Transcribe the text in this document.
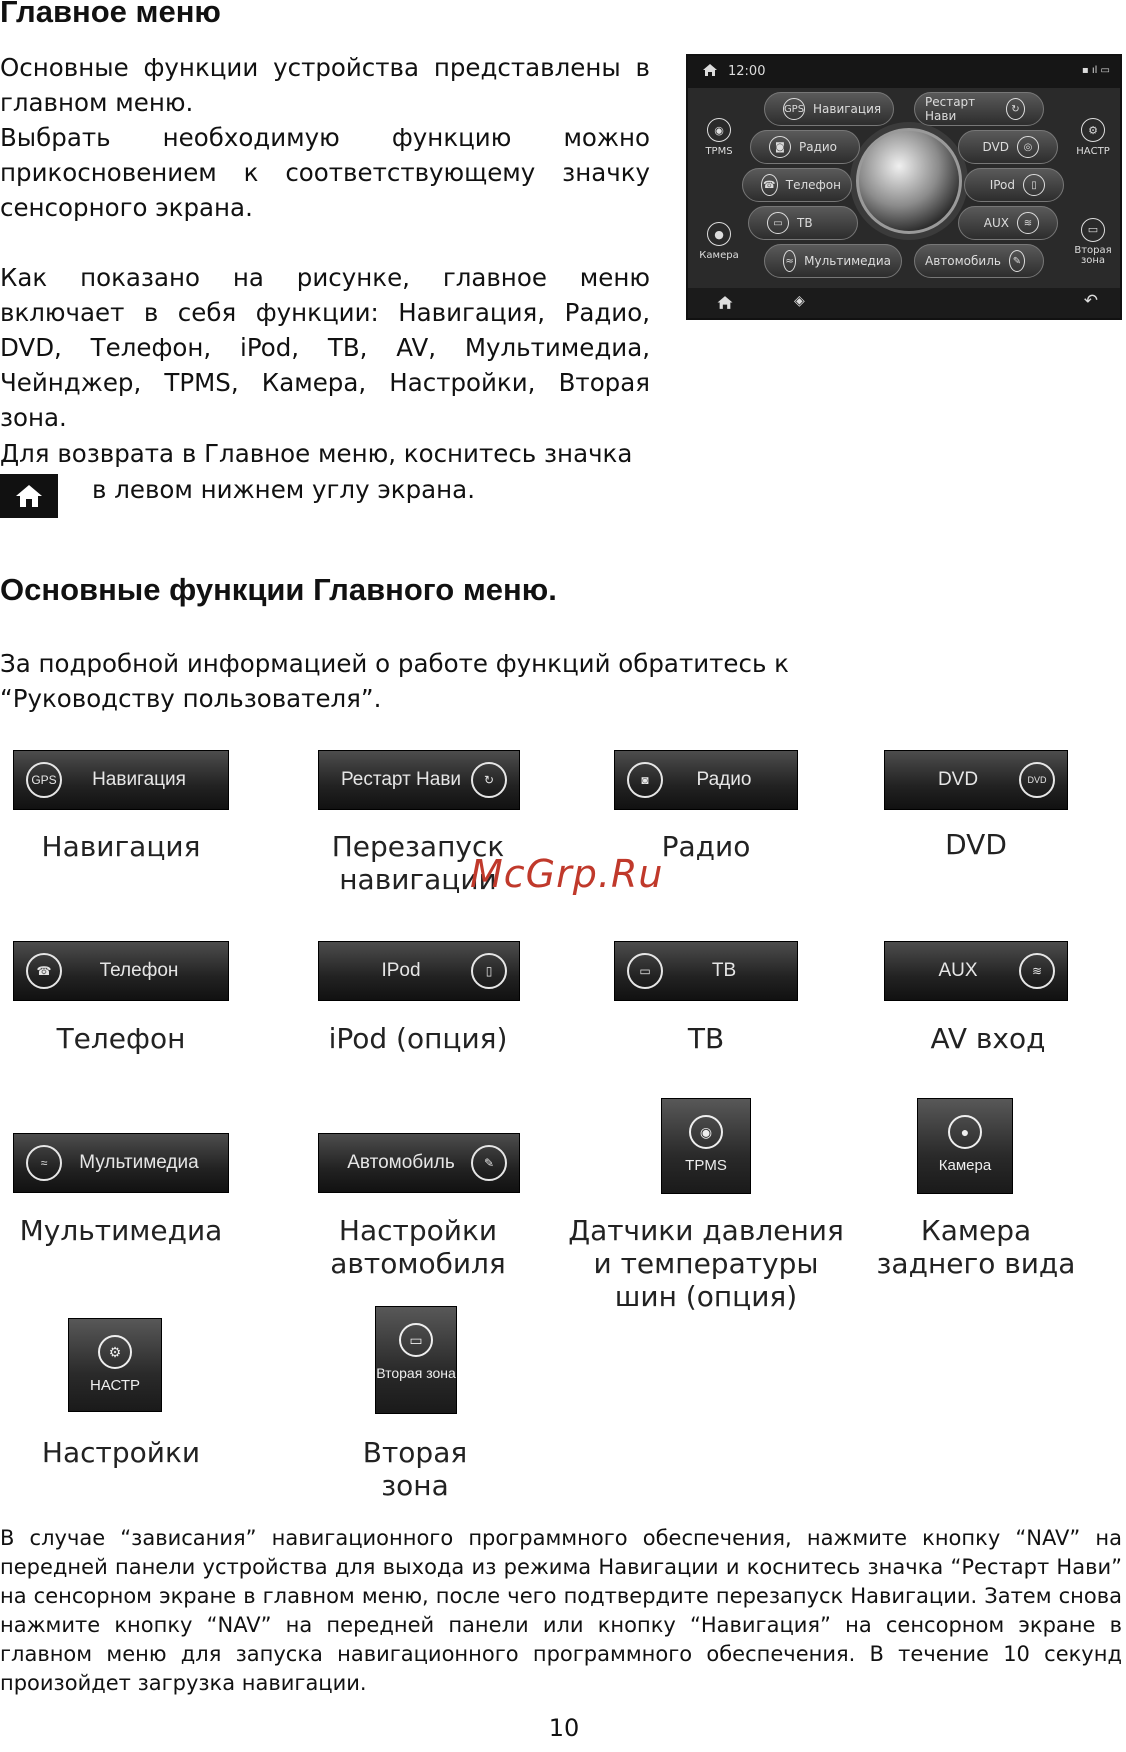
Главное меню
Основные функции устройства представлены в главном меню.
Выбрать необходимую функцию можно прикосновением к соответствующему значку сенсорного экрана.
Как показано на рисунке, главное меню включает в себя функции: Навигация, Радио, DVD, Телефон, iPod, ТВ, AV, Мультимедиа, Чейнджер, TPMS, Камера, Настройки, Вторая зона.
Для возврата в Главное меню, коснитесь значка
в левом нижнем углу экрана.
12:00	▪ ıl ▭
◉
TPMS
●
Камера
⚙
НАСТР
▭
Вторая зона
GPS Навигация	Рестарт Нави	↻
◙	Радио	DVD	◎
☎ Телефон	IPod	▯
▭	ТВ	AUX	≋
≈ Мультимедиа	Автомобиль	✎
◈	↶
Основные функции Главного меню.
За подробной информацией о работе функций обратитесь к “Руководству пользователя”.
GPS	Навигация	Рестарт Нави	↻	◙	Радио	DVD	DVD
Навигация	Перезапуск навигации
Радио	DVD
McGrp.Ru
☎	Телефон	IPod	▯	▭	ТВ	AUX	≋
Телефон	iPod (опция)	ТВ	AV вход
≈	Мультимедиа	Автомобиль	✎
◉
TPMS
●
Камера
Мультимедиа	Настройки автомобиля
Датчики давления и температуры шин (опция)
Камера заднего вида
⚙
НАСТР
▭
Вторая зона
Настройки	Вторая зона
В случае “зависания” навигационного программного обеспечения, нажмите кнопку “NAV” на передней панели устройства для выхода из режима Навигации и коснитесь значка “Рестарт Нави” на сенсорном экране в главном меню, после чего подтвердите перезапуск Навигации. Затем снова нажмите кнопку “NAV” на передней панели или кнопку “Навигация” на сенсорном экране в главном меню для запуска навигационного программного обеспечения. В течение 10 секунд произойдет загрузка навигации.
10
